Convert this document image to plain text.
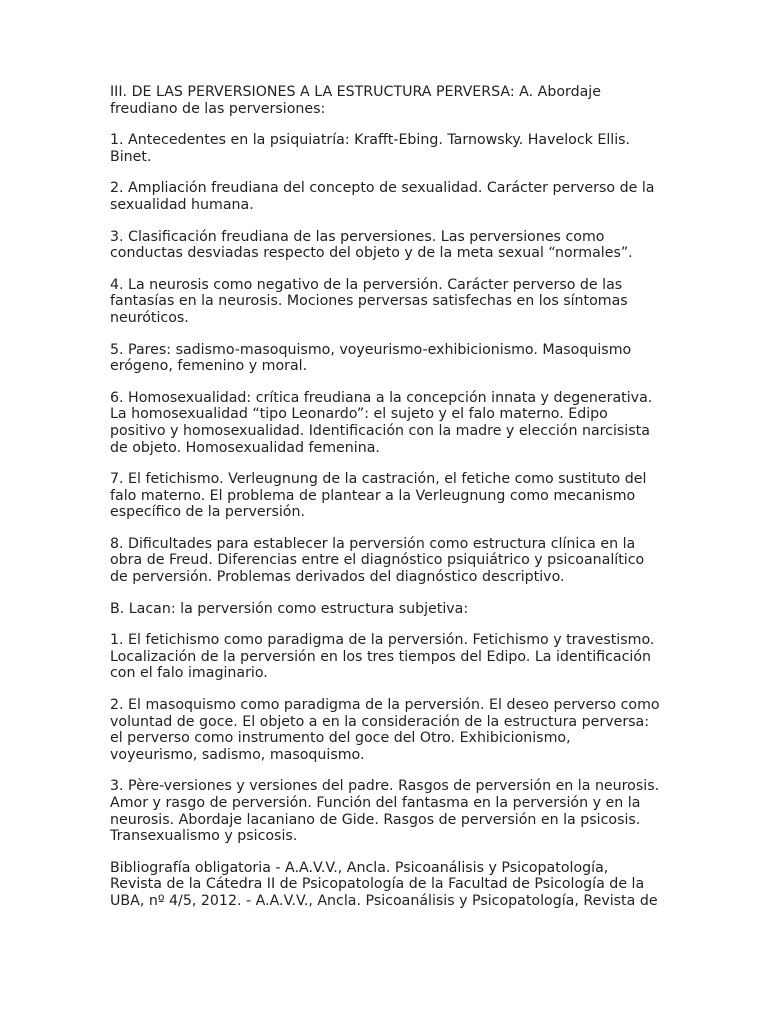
III. DE LAS PERVERSIONES A LA ESTRUCTURA PERVERSA: A. Abordaje freudiano de las perversiones:

1. Antecedentes en la psiquiatría: Krafft-Ebing. Tarnowsky. Havelock Ellis. Binet.

2. Ampliación freudiana del concepto de sexualidad. Carácter perverso de la sexualidad humana.

3. Clasificación freudiana de las perversiones. Las perversiones como conductas desviadas respecto del objeto y de la meta sexual “normales”.

4. La neurosis como negativo de la perversión. Carácter perverso de las fantasías en la neurosis. Mociones perversas satisfechas en los síntomas neuróticos.

5. Pares: sadismo-masoquismo, voyeurismo-exhibicionismo. Masoquismo erógeno, femenino y moral.

6. Homosexualidad: crítica freudiana a la concepción innata y degenerativa. La homosexualidad “tipo Leonardo”: el sujeto y el falo materno. Edipo positivo y homosexualidad. Identificación con la madre y elección narcisista de objeto. Homosexualidad femenina.

7. El fetichismo. Verleugnung de la castración, el fetiche como sustituto del falo materno. El problema de plantear a la Verleugnung como mecanismo específico de la perversión.

8. Dificultades para establecer la perversión como estructura clínica en la obra de Freud. Diferencias entre el diagnóstico psiquiátrico y psicoanalítico de perversión. Problemas derivados del diagnóstico descriptivo.

B. Lacan: la perversión como estructura subjetiva:

1. El fetichismo como paradigma de la perversión. Fetichismo y travestismo. Localización de la perversión en los tres tiempos del Edipo. La identificación con el falo imaginario.

2. El masoquismo como paradigma de la perversión. El deseo perverso como voluntad de goce. El objeto a en la consideración de la estructura perversa: el perverso como instrumento del goce del Otro. Exhibicionismo, voyeurismo, sadismo, masoquismo.

3. Père-versiones y versiones del padre. Rasgos de perversión en la neurosis. Amor y rasgo de perversión. Función del fantasma en la perversión y en la neurosis. Abordaje lacaniano de Gide. Rasgos de perversión en la psicosis. Transexualismo y psicosis.

Bibliografía obligatoria - A.A.V.V., Ancla. Psicoanálisis y Psicopatología, Revista de la Cátedra II de Psicopatología de la Facultad de Psicología de la UBA, nº 4/5, 2012. - A.A.V.V., Ancla. Psicoanálisis y Psicopatología, Revista de
